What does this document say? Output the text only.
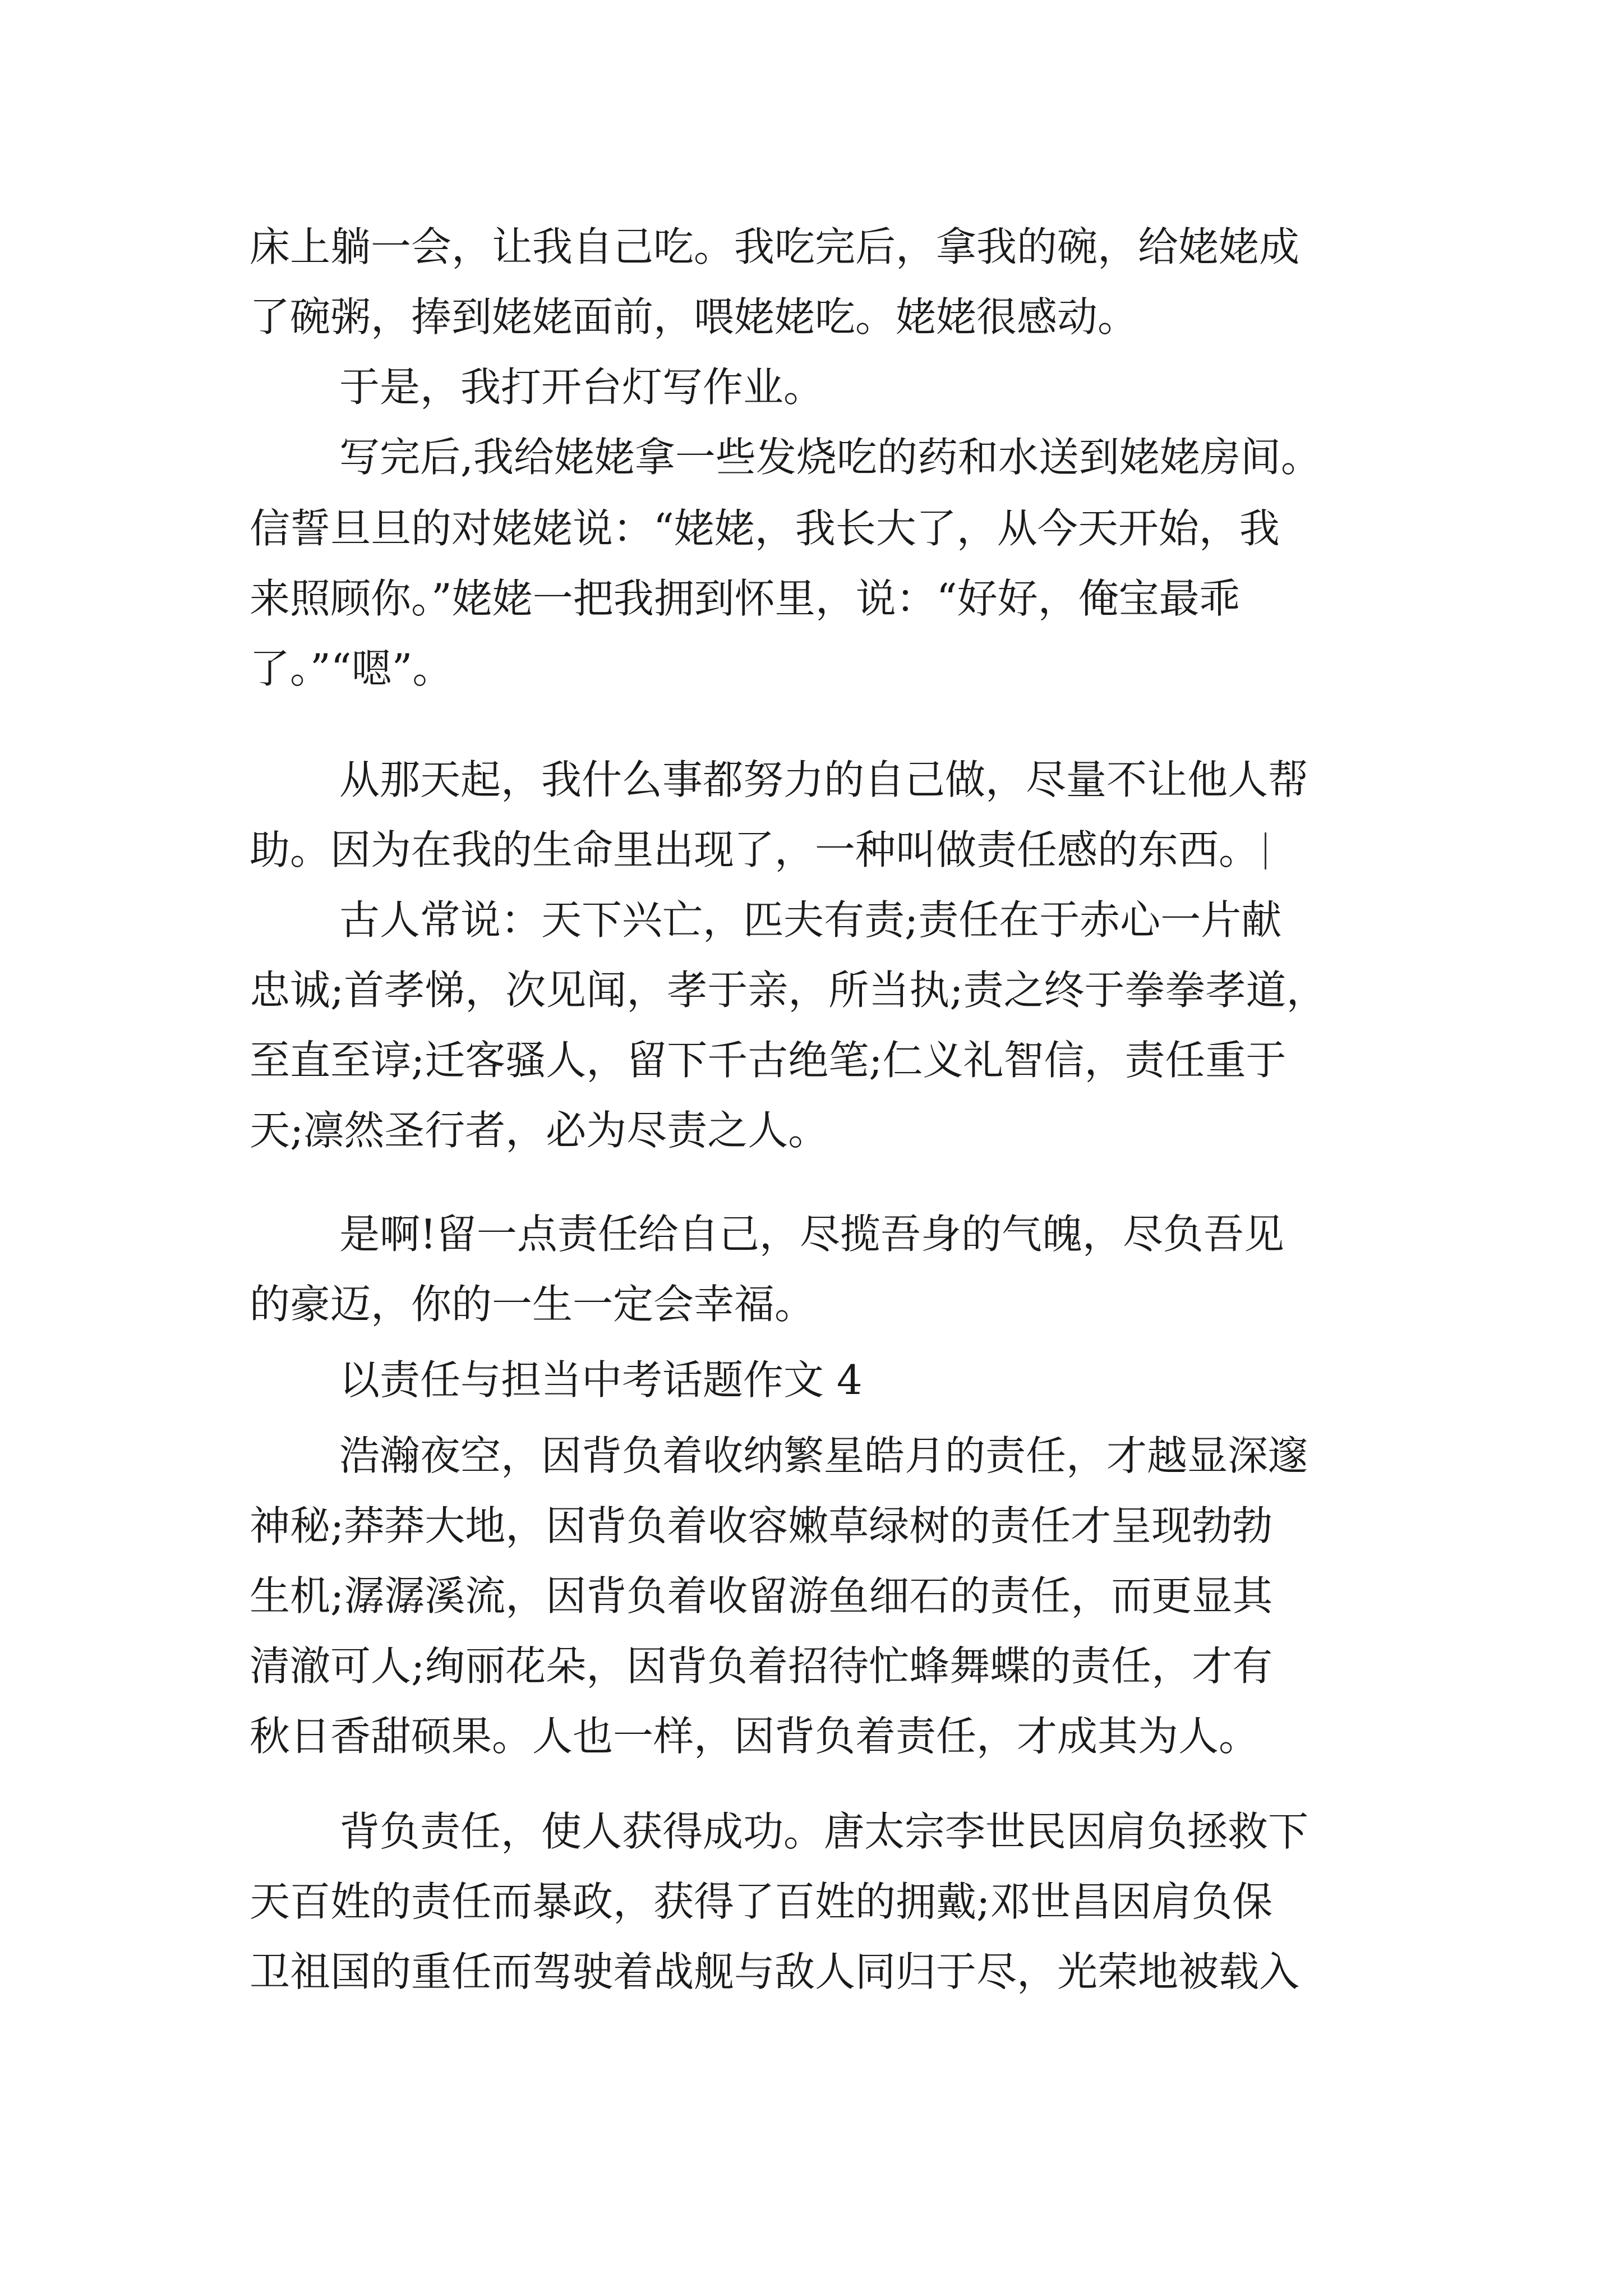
床上躺一会，让我自己吃。我吃完后，拿我的碗，给姥姥成
了碗粥，捧到姥姥面前，喂姥姥吃。姥姥很感动。
于是，我打开台灯写作业。
写完后,我给姥姥拿一些发烧吃的药和水送到姥姥房间。
信誓旦旦的对姥姥说：“姥姥，我长大了，从今天开始，我
来照顾你。”姥姥一把我拥到怀里，说：“好好，俺宝最乖
了。”“嗯”。
从那天起，我什么事都努力的自己做，尽量不让他人帮
助。因为在我的生命里出现了，一种叫做责任感的东西。
古人常说：天下兴亡，匹夫有责;责任在于赤心一片献
忠诚;首孝悌，次见闻，孝于亲，所当执;责之终于拳拳孝道，
至直至谆;迁客骚人，留下千古绝笔;仁义礼智信，责任重于
天;凛然圣行者，必为尽责之人。
是啊!留一点责任给自己，尽揽吾身的气魄，尽负吾见
的豪迈，你的一生一定会幸福。
以责任与担当中考话题作文 4
浩瀚夜空，因背负着收纳繁星皓月的责任，才越显深邃
神秘;莽莽大地，因背负着收容嫩草绿树的责任才呈现勃勃
生机;潺潺溪流，因背负着收留游鱼细石的责任，而更显其
清澈可人;绚丽花朵，因背负着招待忙蜂舞蝶的责任，才有
秋日香甜硕果。人也一样，因背负着责任，才成其为人。
背负责任，使人获得成功。唐太宗李世民因肩负拯救下
天百姓的责任而暴政，获得了百姓的拥戴;邓世昌因肩负保
卫祖国的重任而驾驶着战舰与敌人同归于尽，光荣地被载入
